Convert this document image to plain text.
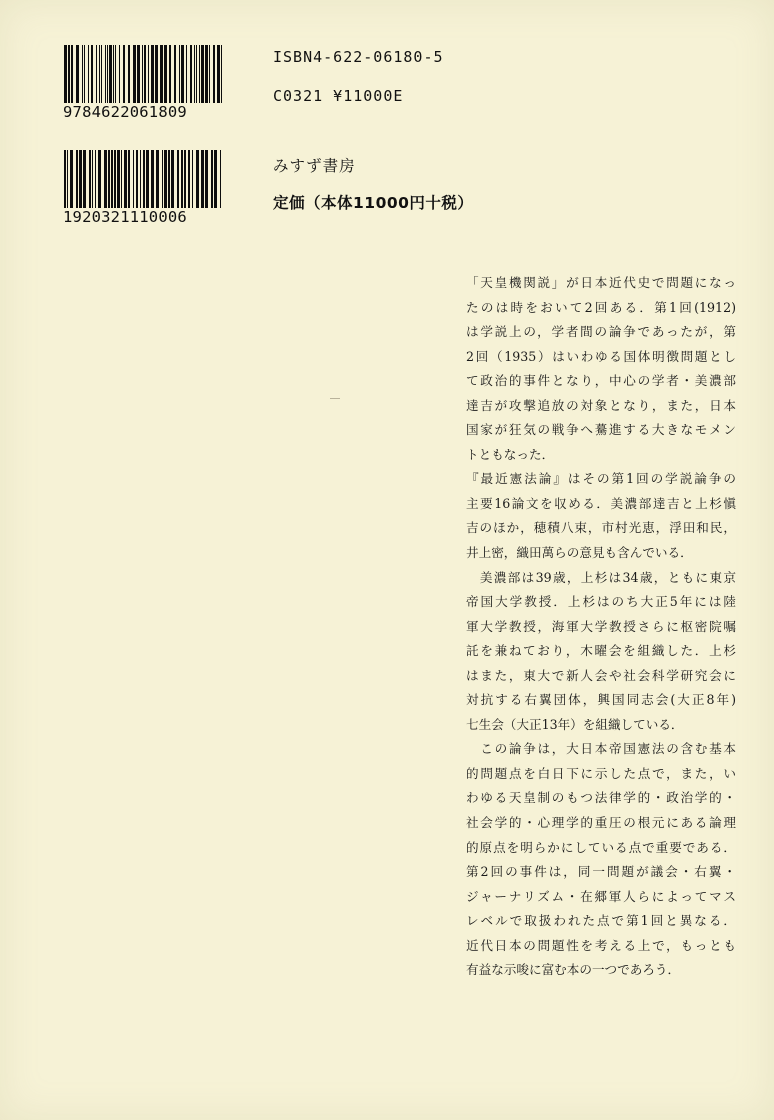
9784622061809
1920321110006
ISBN4-622-06180-5
C0321 ¥11000E
みすず書房
定価（本体11000円十税）
「天皇機関説」が日本近代史で問題になっ
たのは時をおいて2回ある．第1回(1912)
は学説上の，学者間の論争であったが，第
2回（1935）はいわゆる国体明徴問題とし
て政治的事件となり，中心の学者・美濃部
達吉が攻撃追放の対象となり，また，日本
国家が狂気の戦争へ驀進する大きなモメン
トともなった．
『最近憲法論』はその第1回の学説論争の
主要16論文を収める．美濃部達吉と上杉愼
吉のほか，穂積八束，市村光恵，浮田和民，
井上密，織田萬らの意見も含んでいる．
　美濃部は39歳，上杉は34歳，ともに東京
帝国大学教授．上杉はのち大正5年には陸
軍大学教授，海軍大学教授さらに枢密院嘱
託を兼ねており，木曜会を組織した．上杉
はまた，東大で新人会や社会科学研究会に
対抗する右翼団体，興国同志会(大正8年)
七生会（大正13年）を組織している．
　この論争は，大日本帝国憲法の含む基本
的問題点を白日下に示した点で，また，い
わゆる天皇制のもつ法律学的・政治学的・
社会学的・心理学的重圧の根元にある論理
的原点を明らかにしている点で重要である．
第2回の事件は，同一問題が議会・右翼・
ジャーナリズム・在郷軍人らによってマス
レベルで取扱われた点で第1回と異なる．
近代日本の問題性を考える上で，もっとも
有益な示唆に富む本の一つであろう．
